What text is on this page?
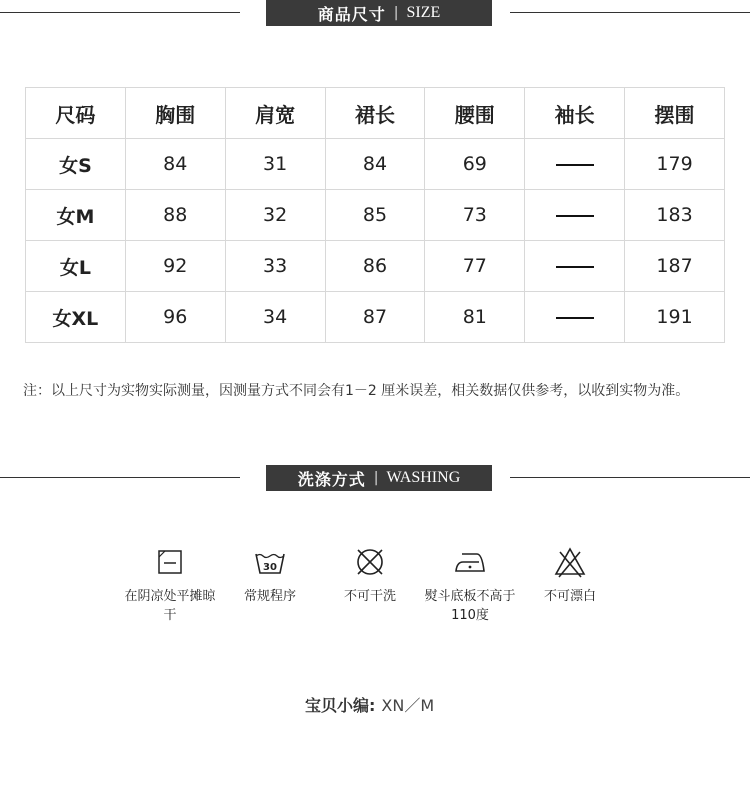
商品尺寸 | SIZE
尺码	胸围	肩宽	裙长	腰围	袖长	摆围
女S	84	31	84	69		179
女M	88	32	85	73		183
女L	92	33	86	77		187
女XL	96	34	87	81		191
注：以上尺寸为实物实际测量，因测量方式不同会有1－2 厘米误差，相关数据仅供参考，以收到实物为准。
洗涤方式 | WASHING
在阴凉处平摊晾干
30
常规程序	不可干洗	熨斗底板不高于110度
不可漂白
宝贝小编: XN／M
